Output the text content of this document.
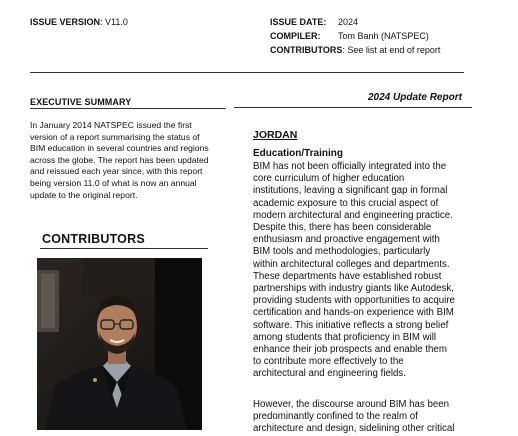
ISSUE VERSION: V11.0	ISSUE DATE: 2024
COMPILER: Tom Banh (NATSPEC)
CONTRIBUTORS: See list at end of report
EXECUTIVE SUMMARY	2024 Update Report
In January 2014 NATSPEC issued the first
version of a report summarising the status of
BIM education in several countries and regions
across the globe. The report has been updated
and reissued each year since, with this report
being version 11.0 of what is now an annual
update to the original report.
CONTRIBUTORS
JORDAN
Education/Training
BIM has not been officially integrated into the
core curriculum of higher education
institutions, leaving a significant gap in formal
academic exposure to this crucial aspect of
modern architectural and engineering practice.
Despite this, there has been considerable
enthusiasm and proactive engagement with
BIM tools and methodologies, particularly
within architectural colleges and departments.
These departments have established robust
partnerships with industry giants like Autodesk,
providing students with opportunities to acquire
certification and hands-on experience with BIM
software. This initiative reflects a strong belief
among students that proficiency in BIM will
enhance their job prospects and enable them
to contribute more effectively to the
architectural and engineering fields.
However, the discourse around BIM has been
predominantly confined to the realm of
architecture and design, sidelining other critical
